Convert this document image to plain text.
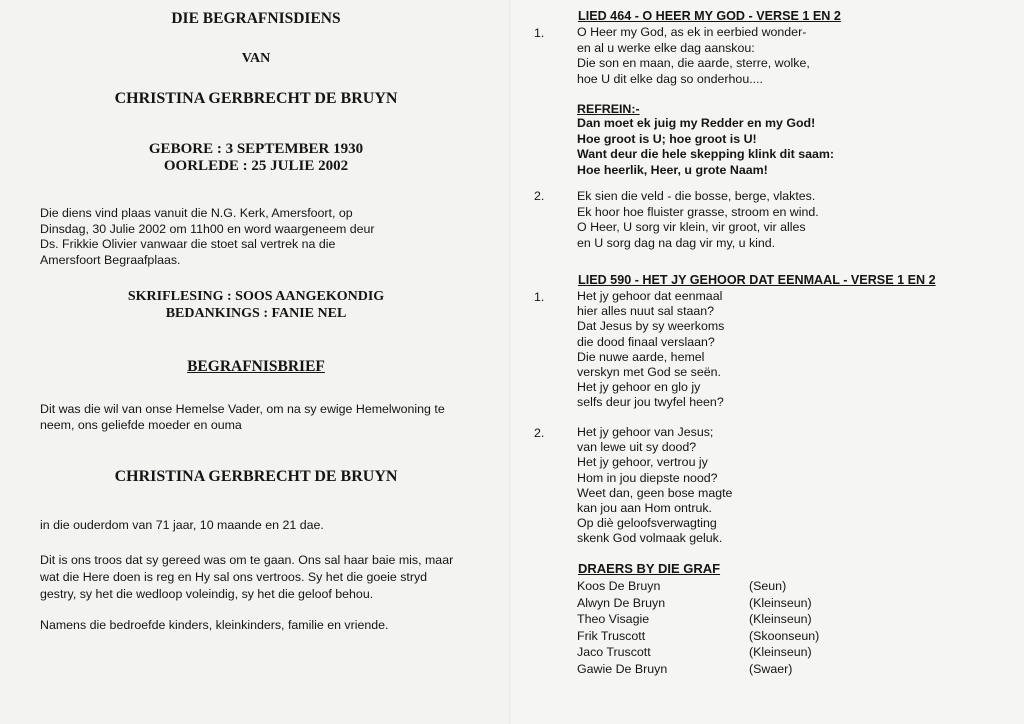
DIE BEGRAFNISDIENS
VAN
CHRISTINA GERBRECHT DE BRUYN
GEBORE : 3 SEPTEMBER 1930
OORLEDE : 25 JULIE 2002
Die diens vind plaas vanuit die N.G. Kerk, Amersfoort, op
Dinsdag, 30 Julie 2002 om 11h00 en word waargeneem deur
Ds. Frikkie Olivier vanwaar die stoet sal vertrek na die
Amersfoort Begraafplaas.
SKRIFLESING : SOOS AANGEKONDIG
BEDANKINGS : FANIE NEL
BEGRAFNISBRIEF
Dit was die wil van onse Hemelse Vader, om na sy ewige Hemelwoning te
neem, ons geliefde moeder en ouma
CHRISTINA GERBRECHT DE BRUYN
in die ouderdom van 71 jaar, 10 maande en 21 dae.
Dit is ons troos dat sy gereed was om te gaan. Ons sal haar baie mis, maar
wat die Here doen is reg en Hy sal ons vertroos. Sy het die goeie stryd
gestry, sy het die wedloop voleindig, sy het die geloof behou.
Namens die bedroefde kinders, kleinkinders, familie en vriende.
LIED 464 - O HEER MY GOD - VERSE 1 EN 2
1.	O Heer my God, as ek in eerbied wonder-
en al u werke elke dag aanskou:
Die son en maan, die aarde, sterre, wolke,
hoe U dit elke dag so onderhou....
REFREIN:-
Dan moet ek juig my Redder en my God!
Hoe groot is U; hoe groot is U!
Want deur die hele skepping klink dit saam:
Hoe heerlik, Heer, u grote Naam!
2.	Ek sien die veld - die bosse, berge, vlaktes.
Ek hoor hoe fluister grasse, stroom en wind.
O Heer, U sorg vir klein, vir groot, vir alles
en U sorg dag na dag vir my, u kind.
LIED 590 - HET JY GEHOOR DAT EENMAAL - VERSE 1 EN 2
1.	Het jy gehoor dat eenmaal
hier alles nuut sal staan?
Dat Jesus by sy weerkoms
die dood finaal verslaan?
Die nuwe aarde, hemel
verskyn met God se seën.
Het jy gehoor en glo jy
selfs deur jou twyfel heen?
2.	Het jy gehoor van Jesus;
van lewe uit sy dood?
Het jy gehoor, vertrou jy
Hom in jou diepste nood?
Weet dan, geen bose magte
kan jou aan Hom ontruk.
Op diè geloofsverwagting
skenk God volmaak geluk.
DRAERS BY DIE GRAF
Koos De Bruyn	(Seun)
Alwyn De Bruyn	(Kleinseun)
Theo Visagie	(Kleinseun)
Frik Truscott	(Skoonseun)
Jaco Truscott	(Kleinseun)
Gawie De Bruyn	(Swaer)
